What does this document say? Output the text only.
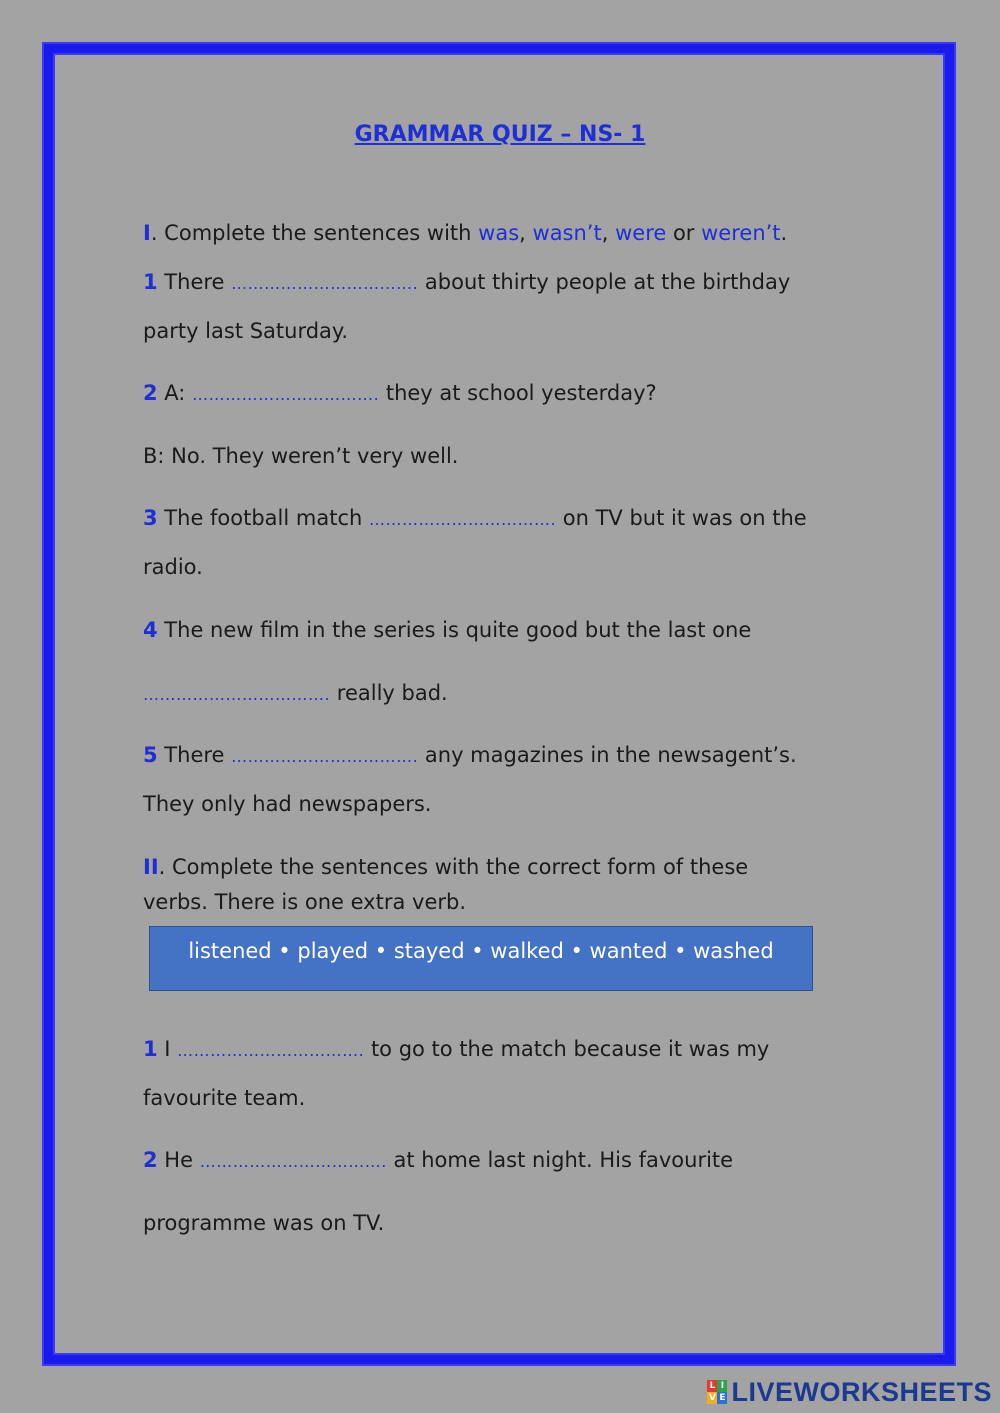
GRAMMAR QUIZ – NS- 1
I. Complete the sentences with was, wasn’t, were or weren’t.
1 There ……………………………. about thirty people at the birthday
party last Saturday.
2 A: ……………………………. they at school yesterday?
B: No. They weren’t very well.
3 The football match ……………………………. on TV but it was on the
radio.
4 The new film in the series is quite good but the last one
……………………………. really bad.
5 There ……………………………. any magazines in the newsagent’s.
They only had newspapers.
II. Complete the sentences with the correct form of these
verbs. There is one extra verb.
listened • played • stayed • walked • wanted • washed
1 I ……………………………. to go to the match because it was my
favourite team.
2 He ……………………………. at home last night. His favourite
programme was on TV.
L I
V E LIVEWORKSHEETS
